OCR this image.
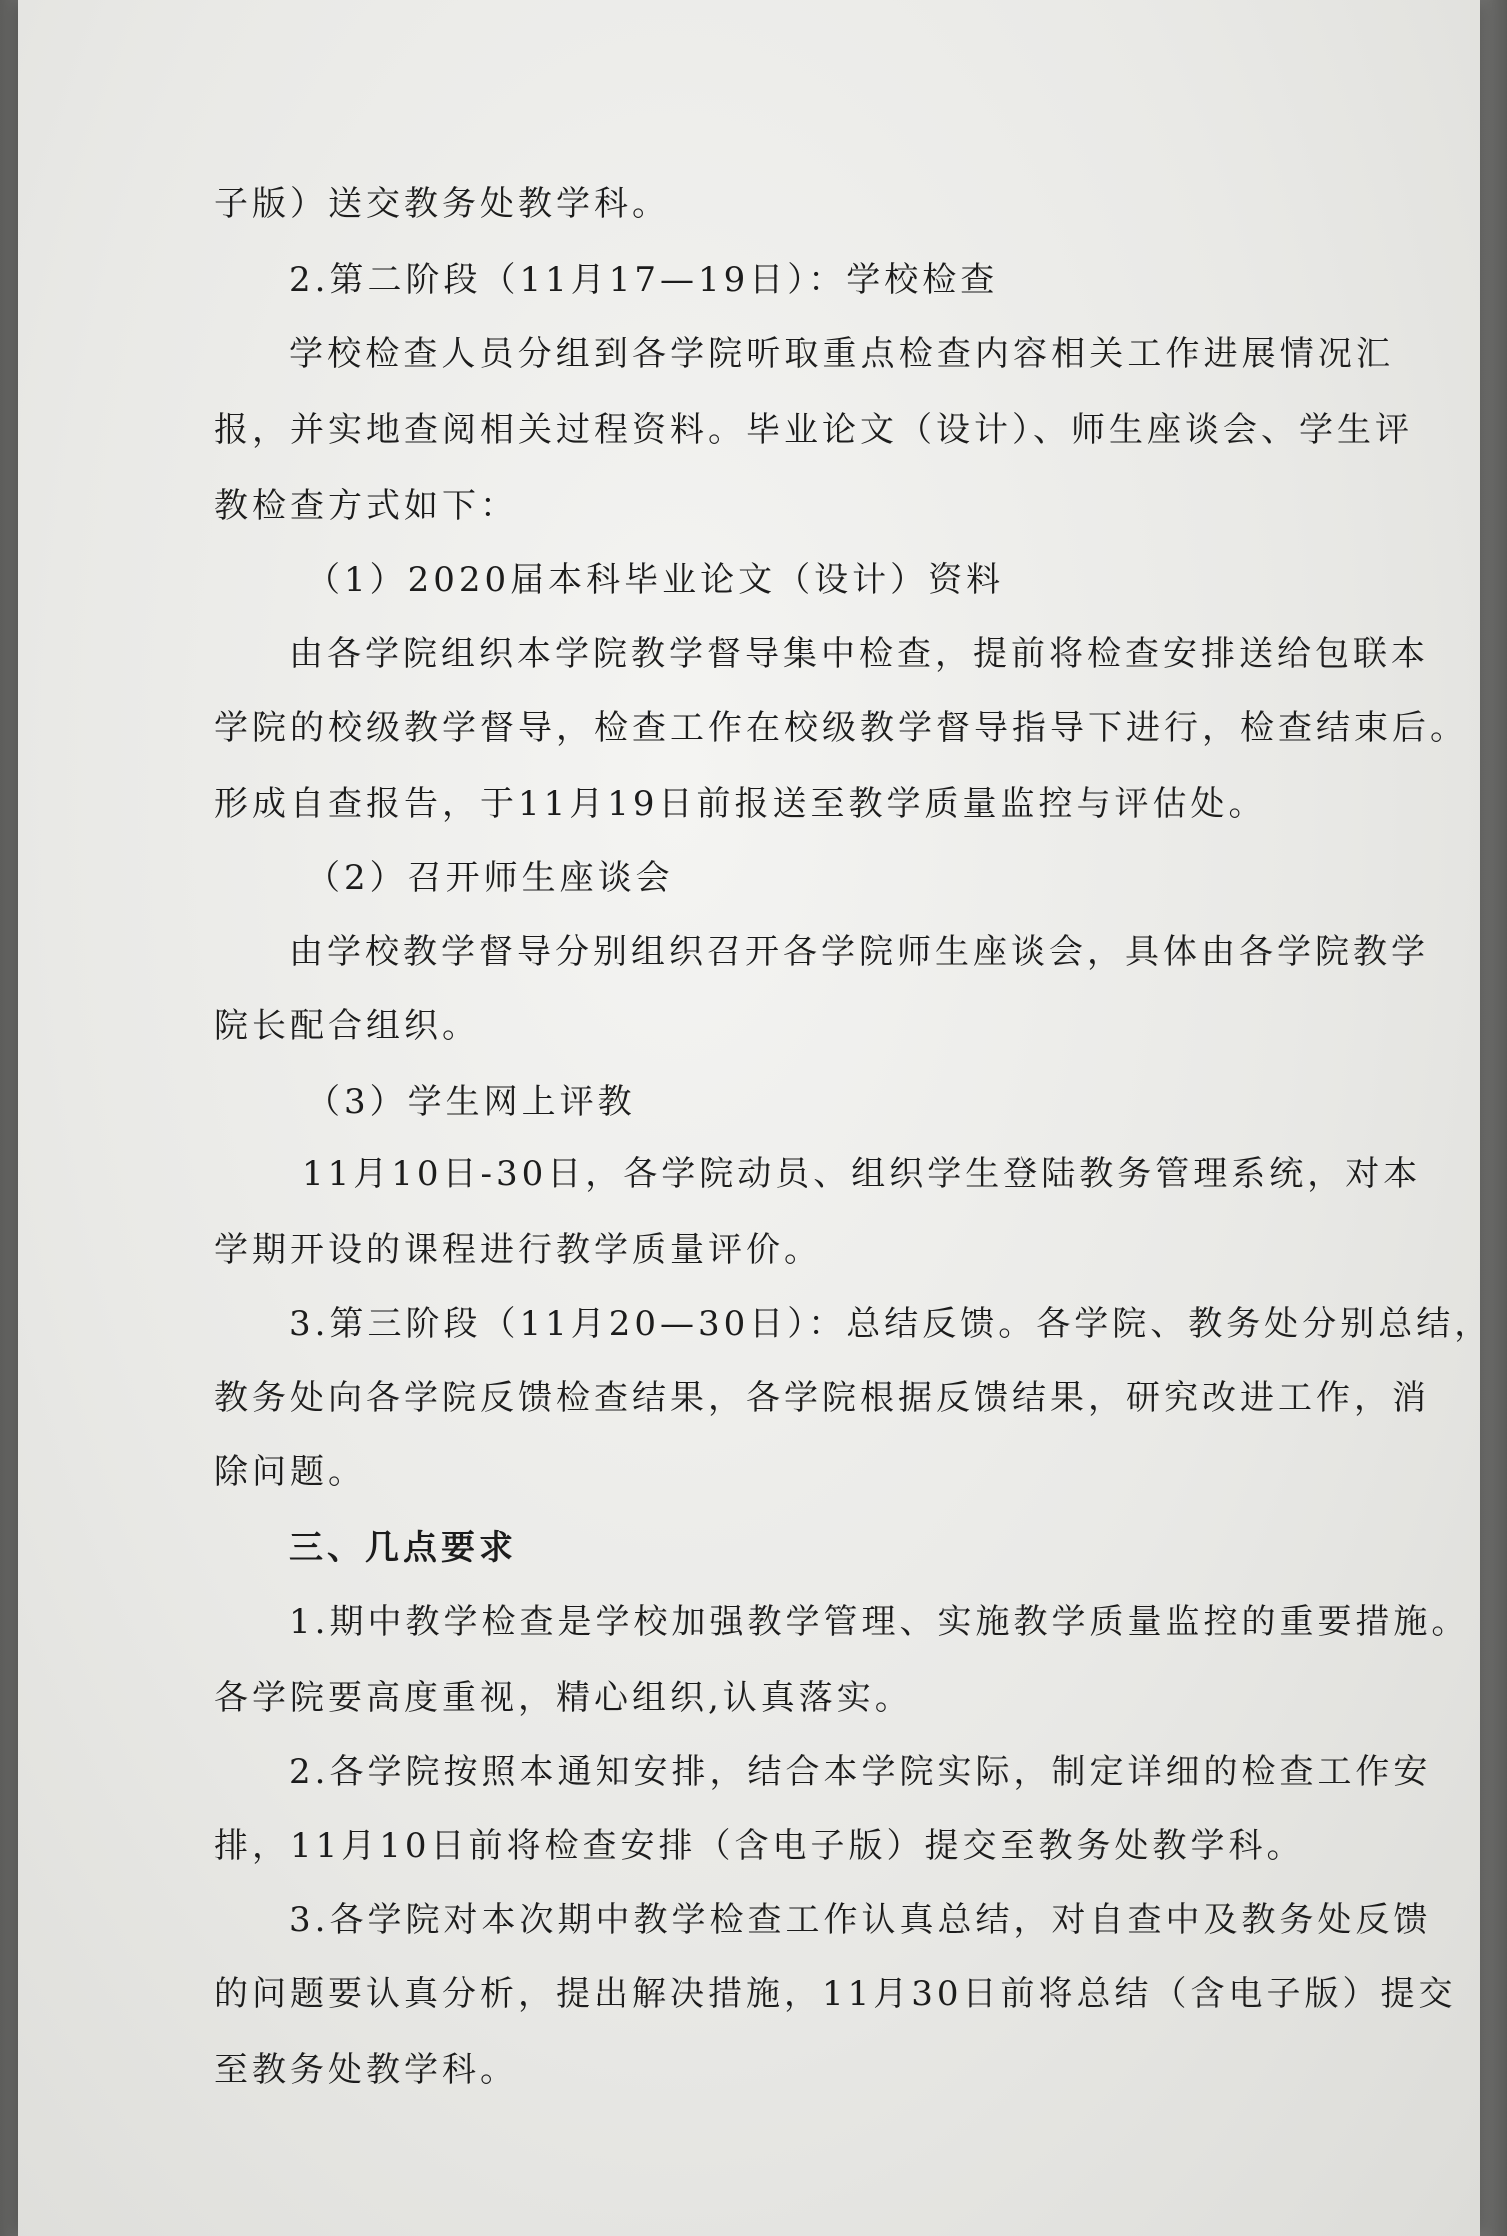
子版）送交教务处教学科。
2.第二阶段（11月17—19日）：学校检查
学校检查人员分组到各学院听取重点检查内容相关工作进展情况汇
报，并实地查阅相关过程资料。毕业论文（设计）、师生座谈会、学生评
教检查方式如下：
（1）2020届本科毕业论文（设计）资料
由各学院组织本学院教学督导集中检查，提前将检查安排送给包联本
学院的校级教学督导，检查工作在校级教学督导指导下进行，检查结束后。
形成自查报告，于11月19日前报送至教学质量监控与评估处。
（2）召开师生座谈会
由学校教学督导分别组织召开各学院师生座谈会，具体由各学院教学
院长配合组织。
（3）学生网上评教
11月10日-30日，各学院动员、组织学生登陆教务管理系统，对本
学期开设的课程进行教学质量评价。
3.第三阶段（11月20—30日）：总结反馈。各学院、教务处分别总结，
教务处向各学院反馈检查结果，各学院根据反馈结果，研究改进工作，消
除问题。
三、几点要求
1.期中教学检查是学校加强教学管理、实施教学质量监控的重要措施。
各学院要高度重视，精心组织,认真落实。
2.各学院按照本通知安排，结合本学院实际，制定详细的检查工作安
排，11月10日前将检查安排（含电子版）提交至教务处教学科。
3.各学院对本次期中教学检查工作认真总结，对自查中及教务处反馈
的问题要认真分析，提出解决措施，11月30日前将总结（含电子版）提交
至教务处教学科。
